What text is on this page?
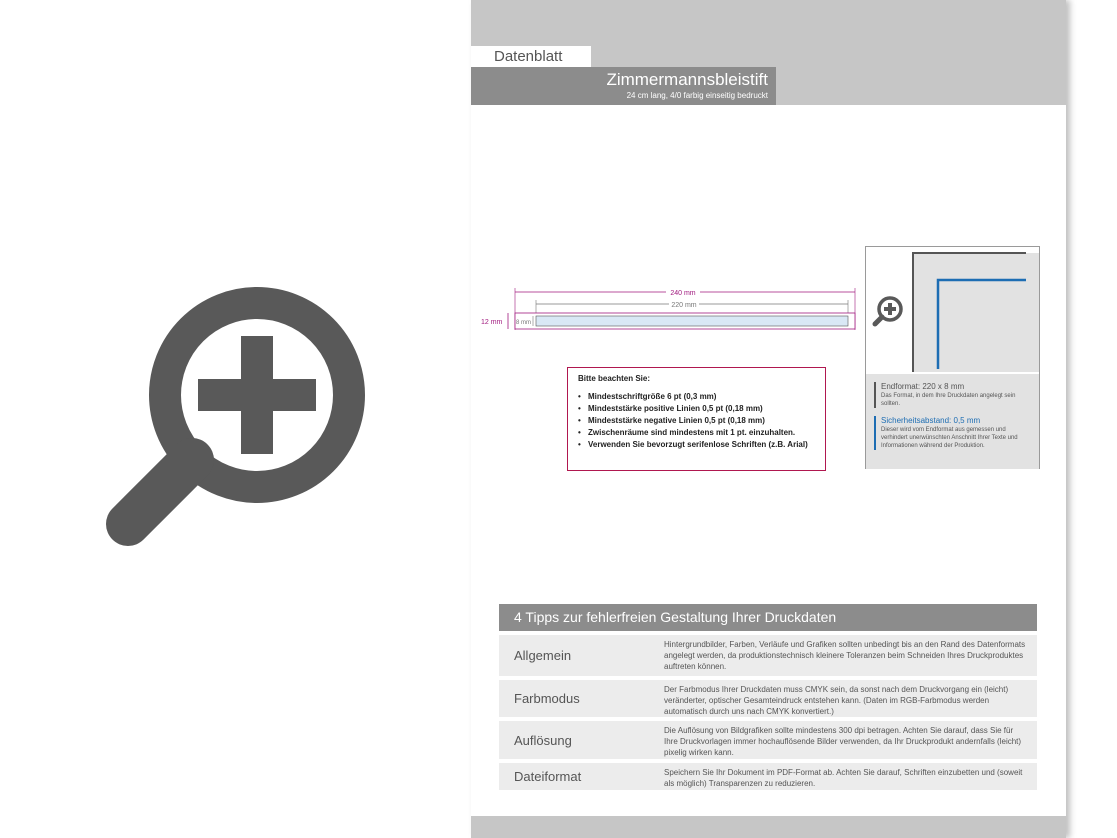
Datenblatt
Zimmermannsbleistift
24 cm lang, 4/0 farbig einseitig bedruckt
240 mm
220 mm
12 mm 8 mm
Bitte beachten Sie:
• Mindestschriftgröße 6 pt (0,3 mm)
• Mindeststärke positive Linien 0,5 pt (0,18 mm)
• Mindeststärke negative Linien 0,5 pt (0,18 mm)
• Zwischenräume sind mindestens mit 1 pt. einzuhalten.
• Verwenden Sie bevorzugt serifenlose Schriften (z.B. Arial)
Endformat: 220 x 8 mm
Das Format, in dem Ihre Druckdaten angelegt sein sollten.
Sicherheitsabstand: 0,5 mm
Dieser wird vom Endformat aus gemessen und verhindert unerwünschten Anschnitt Ihrer Texte und Informationen während der Produktion.
4 Tipps zur fehlerfreien Gestaltung Ihrer Druckdaten
Allgemein
Hintergrundbilder, Farben, Verläufe und Grafiken sollten unbedingt bis an den Rand des Datenformats angelegt werden, da produktionstechnisch kleinere Toleranzen beim Schneiden Ihres Druckproduktes auftreten können.
Farbmodus
Der Farbmodus Ihrer Druckdaten muss CMYK sein, da sonst nach dem Druckvorgang ein (leicht) veränderter, optischer Gesamteindruck entstehen kann. (Daten im RGB-Farbmodus werden automatisch durch uns nach CMYK konvertiert.)
Auflösung
Die Auflösung von Bildgrafiken sollte mindestens 300 dpi betragen. Achten Sie darauf, dass Sie für Ihre Druckvorlagen immer hochauflösende Bilder verwenden, da Ihr Druckprodukt andernfalls (leicht) pixelig wirken kann.
Dateiformat	Speichern Sie Ihr Dokument im PDF-Format ab. Achten Sie darauf, Schriften einzubetten und (soweit als möglich) Transparenzen zu reduzieren.
